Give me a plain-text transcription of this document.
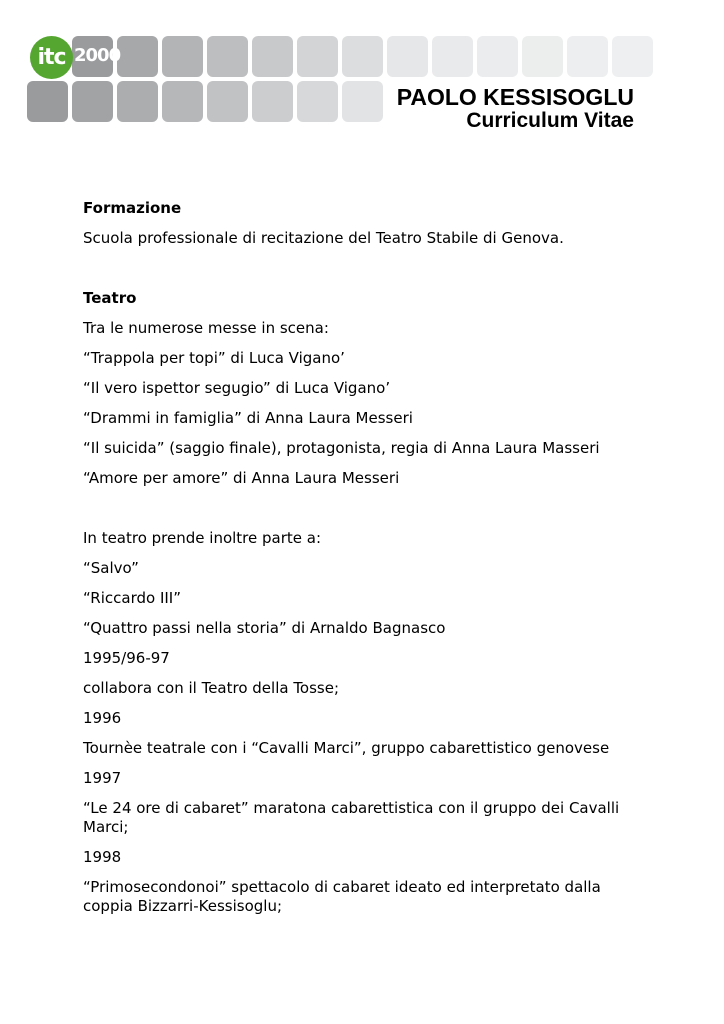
itc 2000
PAOLO KESSISOGLU
Curriculum Vitae
Formazione
Scuola professionale di recitazione del Teatro Stabile di Genova.
Teatro
Tra le numerose messe in scena:
“Trappola per topi” di Luca Vigano’
“Il vero ispettor segugio” di Luca Vigano’
“Drammi in famiglia” di Anna Laura Messeri
“Il suicida” (saggio finale), protagonista, regia di Anna Laura Masseri
“Amore per amore” di Anna Laura Messeri
In teatro prende inoltre parte a:
“Salvo”
“Riccardo III”
“Quattro passi nella storia” di Arnaldo Bagnasco
1995/96-97
collabora con il Teatro della Tosse;
1996
Tournèe teatrale con i “Cavalli Marci”, gruppo cabarettistico genovese
1997
“Le 24 ore di cabaret” maratona cabarettistica con il gruppo dei Cavalli Marci;
1998
“Primosecondonoi” spettacolo di cabaret ideato ed interpretato dalla coppia Bizzarri-Kessisoglu;
